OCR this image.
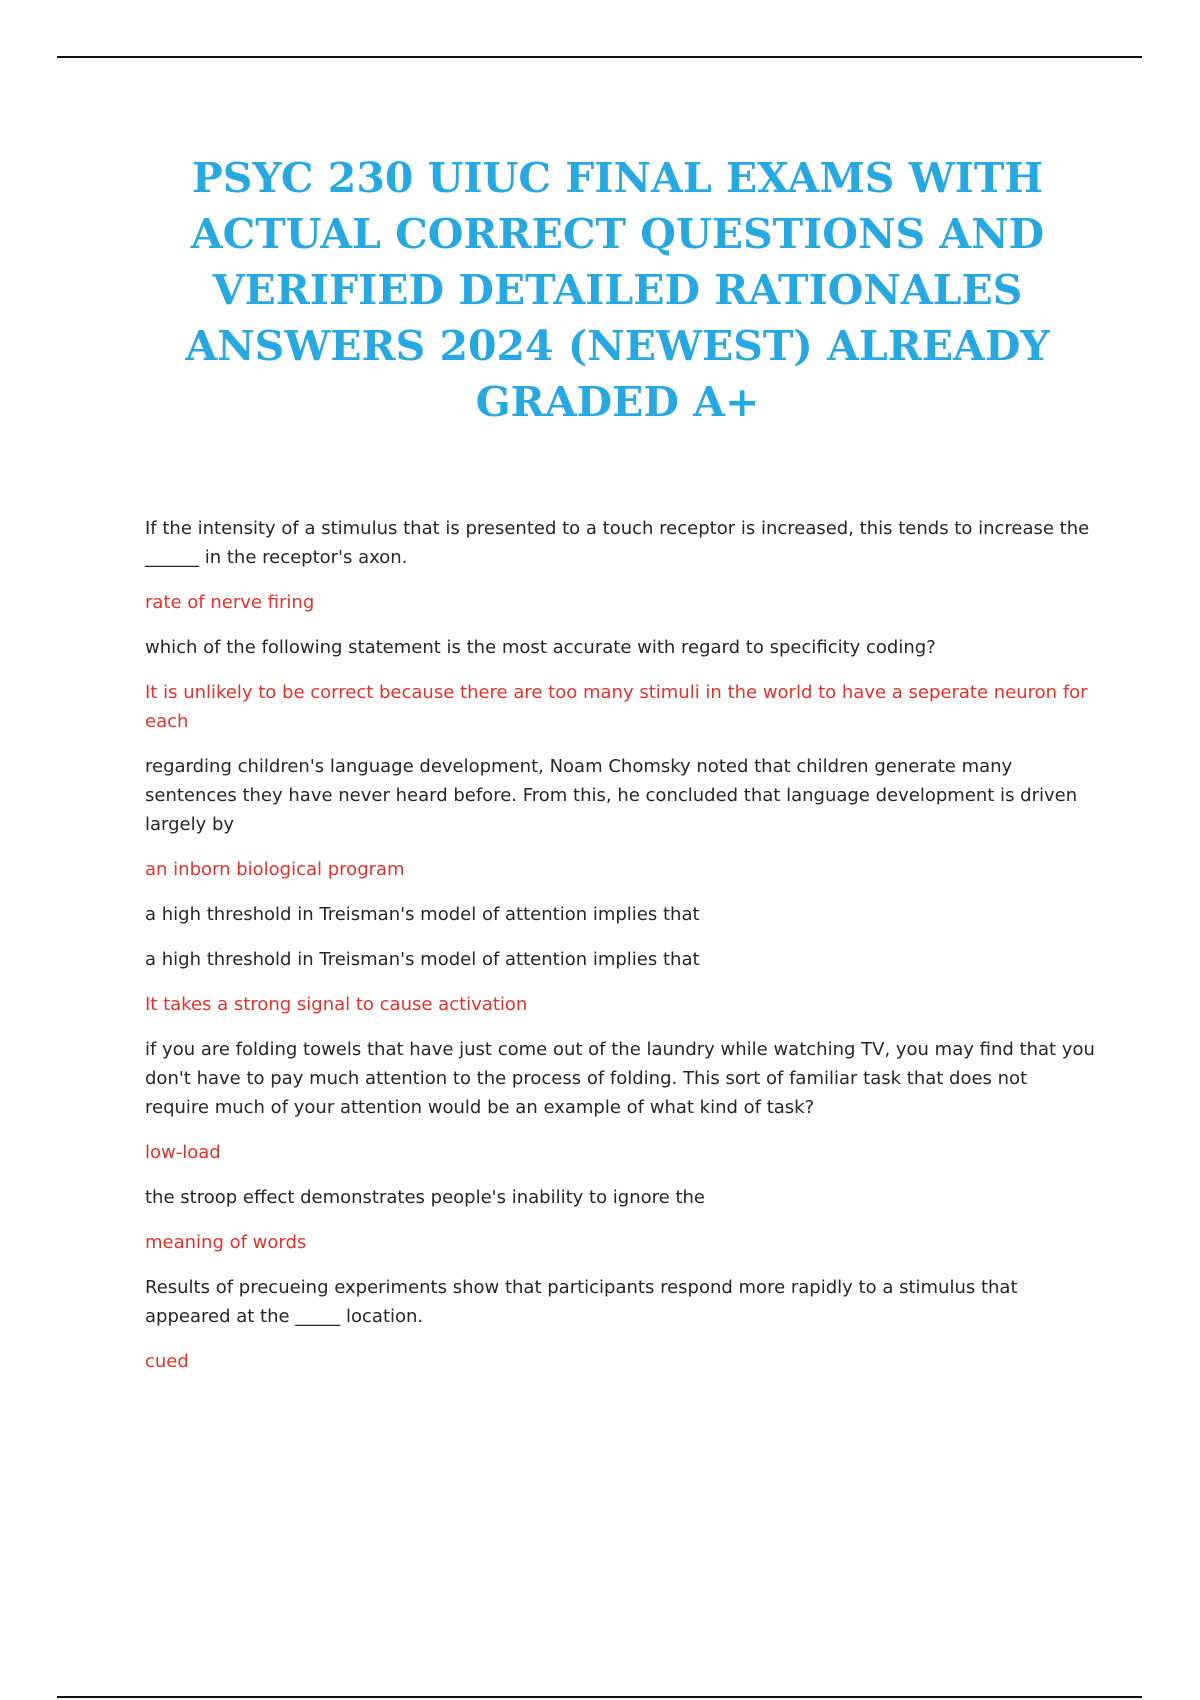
PSYC 230 UIUC FINAL EXAMS WITH ACTUAL CORRECT QUESTIONS AND VERIFIED DETAILED RATIONALES ANSWERS 2024 (NEWEST) ALREADY GRADED A+

If the intensity of a stimulus that is presented to a touch receptor is increased, this tends to increase the ______ in the receptor's axon.

rate of nerve firing

which of the following statement is the most accurate with regard to specificity coding?

It is unlikely to be correct because there are too many stimuli in the world to have a seperate neuron for each

regarding children's language development, Noam Chomsky noted that children generate many sentences they have never heard before. From this, he concluded that language development is driven largely by

an inborn biological program

a high threshold in Treisman's model of attention implies that

a high threshold in Treisman's model of attention implies that

It takes a strong signal to cause activation

if you are folding towels that have just come out of the laundry while watching TV, you may find that you don't have to pay much attention to the process of folding. This sort of familiar task that does not require much of your attention would be an example of what kind of task?

low-load

the stroop effect demonstrates people's inability to ignore the

meaning of words

Results of precueing experiments show that participants respond more rapidly to a stimulus that appeared at the _____ location.

cued
